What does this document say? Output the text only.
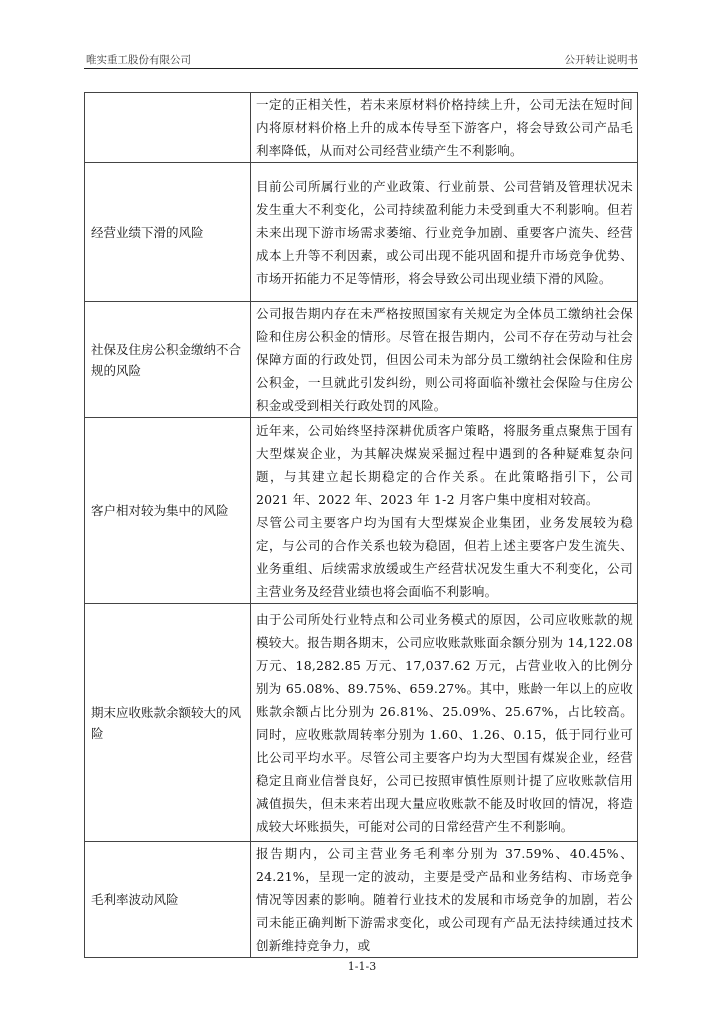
唯实重工股份有限公司	公开转让说明书

	一定的正相关性，若未来原材料价格持续上升，公司无法在短时间内将原材料价格上升的成本传导至下游客户，将会导致公司产品毛利率降低，从而对公司经营业绩产生不利影响。

经营业绩下滑的风险	目前公司所属行业的产业政策、行业前景、公司营销及管理状况未发生重大不利变化，公司持续盈利能力未受到重大不利影响。但若未来出现下游市场需求萎缩、行业竞争加剧、重要客户流失、经营成本上升等不利因素，或公司出现不能巩固和提升市场竞争优势、市场开拓能力不足等情形，将会导致公司出现业绩下滑的风险。

社保及住房公积金缴纳不合规的风险	公司报告期内存在未严格按照国家有关规定为全体员工缴纳社会保险和住房公积金的情形。尽管在报告期内，公司不存在劳动与社会保障方面的行政处罚，但因公司未为部分员工缴纳社会保险和住房公积金，一旦就此引发纠纷，则公司将面临补缴社会保险与住房公积金或受到相关行政处罚的风险。

客户相对较为集中的风险	近年来，公司始终坚持深耕优质客户策略，将服务重点聚焦于国有大型煤炭企业，为其解决煤炭采掘过程中遇到的各种疑难复杂问题，与其建立起长期稳定的合作关系。在此策略指引下，公司 2021 年、2022 年、2023 年 1-2 月客户集中度相对较高。

尽管公司主要客户均为国有大型煤炭企业集团，业务发展较为稳定，与公司的合作关系也较为稳固，但若上述主要客户发生流失、业务重组、后续需求放缓或生产经营状况发生重大不利变化，公司主营业务及经营业绩也将会面临不利影响。

期末应收账款余额较大的风险	由于公司所处行业特点和公司业务模式的原因，公司应收账款的规模较大。报告期各期末，公司应收账款账面余额分别为 14,122.08 万元、18,282.85 万元、17,037.62 万元，占营业收入的比例分别为 65.08%、89.75%、659.27%。其中，账龄一年以上的应收账款余额占比分别为 26.81%、25.09%、25.67%，占比较高。同时，应收账款周转率分别为 1.60、1.26、0.15，低于同行业可比公司平均水平。尽管公司主要客户均为大型国有煤炭企业，经营稳定且商业信誉良好，公司已按照审慎性原则计提了应收账款信用减值损失，但未来若出现大量应收账款不能及时收回的情况，将造成较大坏账损失，可能对公司的日常经营产生不利影响。

毛利率波动风险	报告期内，公司主营业务毛利率分别为 37.59%、40.45%、24.21%，呈现一定的波动，主要是受产品和业务结构、市场竞争情况等因素的影响。随着行业技术的发展和市场竞争的加剧，若公司未能正确判断下游需求变化，或公司现有产品无法持续通过技术创新维持竞争力，或

1-1-3
